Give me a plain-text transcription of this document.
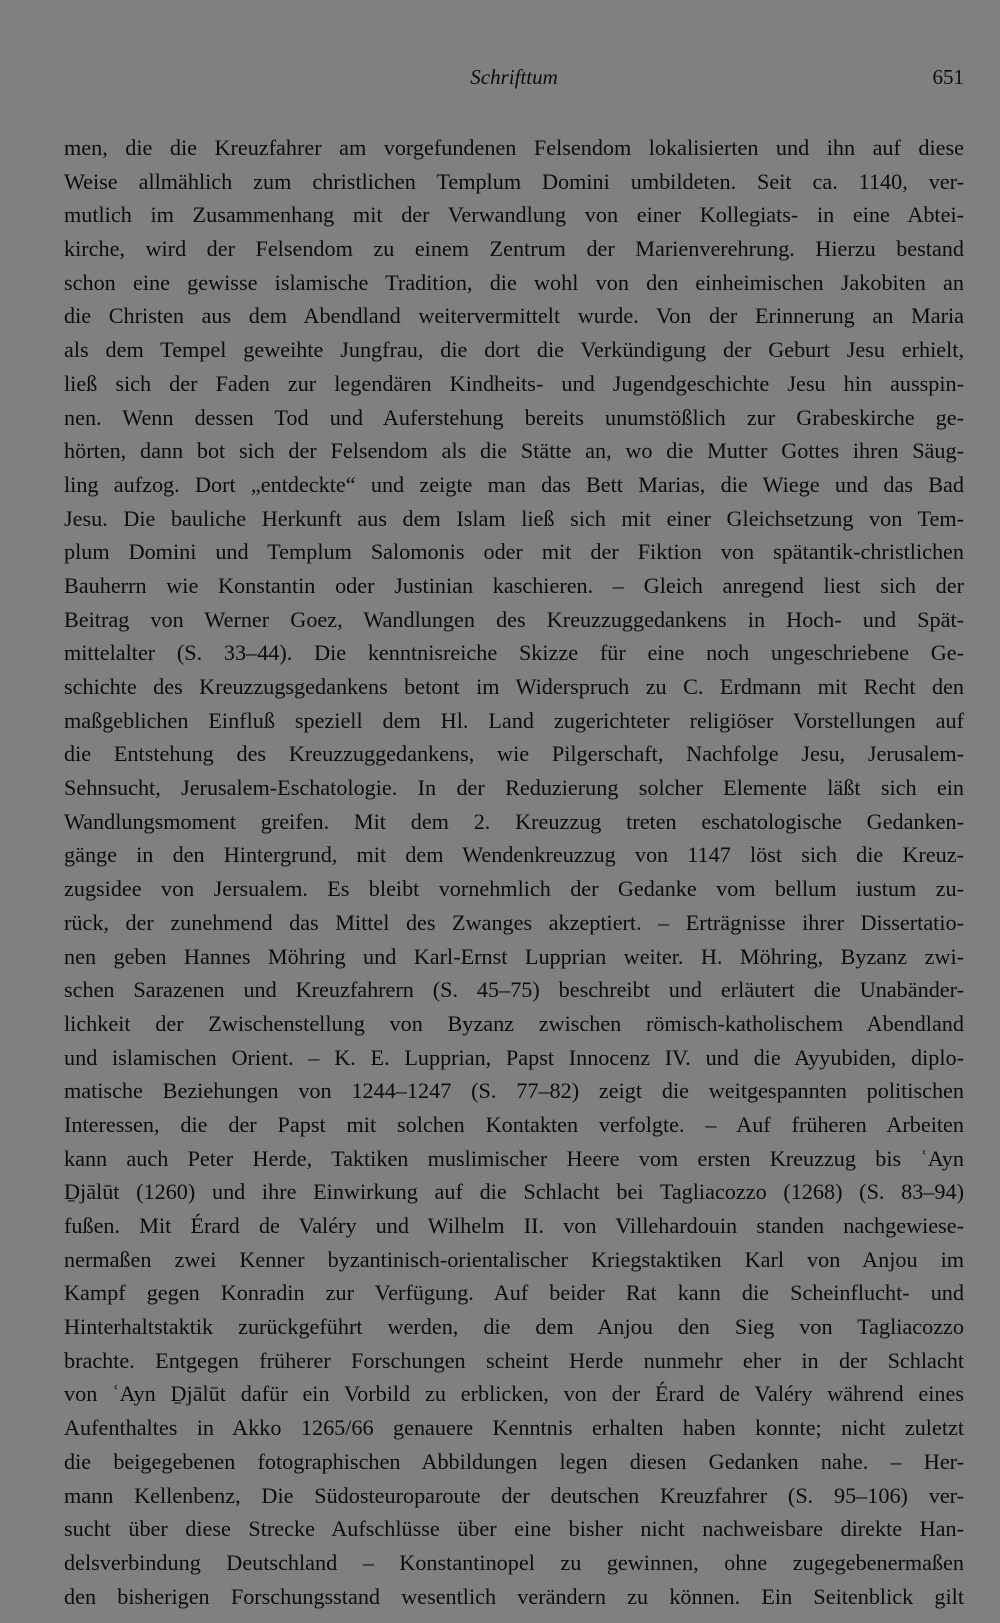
Schrifttum	651
men, die die Kreuzfahrer am vorgefundenen Felsendom lokalisierten und ihn auf diese
Weise allmählich zum christlichen Templum Domini umbildeten. Seit ca. 1140, ver-
mutlich im Zusammenhang mit der Verwandlung von einer Kollegiats- in eine Abtei-
kirche, wird der Felsendom zu einem Zentrum der Marienverehrung. Hierzu bestand
schon eine gewisse islamische Tradition, die wohl von den einheimischen Jakobiten an
die Christen aus dem Abendland weitervermittelt wurde. Von der Erinnerung an Maria
als dem Tempel geweihte Jungfrau, die dort die Verkündigung der Geburt Jesu erhielt,
ließ sich der Faden zur legendären Kindheits- und Jugendgeschichte Jesu hin ausspin-
nen. Wenn dessen Tod und Auferstehung bereits unumstößlich zur Grabeskirche ge-
hörten, dann bot sich der Felsendom als die Stätte an, wo die Mutter Gottes ihren Säug-
ling aufzog. Dort „entdeckte“ und zeigte man das Bett Marias, die Wiege und das Bad
Jesu. Die bauliche Herkunft aus dem Islam ließ sich mit einer Gleichsetzung von Tem-
plum Domini und Templum Salomonis oder mit der Fiktion von spätantik-christlichen
Bauherrn wie Konstantin oder Justinian kaschieren. – Gleich anregend liest sich der
Beitrag von Werner Goez, Wandlungen des Kreuzzuggedankens in Hoch- und Spät-
mittelalter (S. 33–44). Die kenntnisreiche Skizze für eine noch ungeschriebene Ge-
schichte des Kreuzzugsgedankens betont im Widerspruch zu C. Erdmann mit Recht den
maßgeblichen Einfluß speziell dem Hl. Land zugerichteter religiöser Vorstellungen auf
die Entstehung des Kreuzzuggedankens, wie Pilgerschaft, Nachfolge Jesu, Jerusalem-
Sehnsucht, Jerusalem-Eschatologie. In der Reduzierung solcher Elemente läßt sich ein
Wandlungsmoment greifen. Mit dem 2. Kreuzzug treten eschatologische Gedanken-
gänge in den Hintergrund, mit dem Wendenkreuzzug von 1147 löst sich die Kreuz-
zugsidee von Jersualem. Es bleibt vornehmlich der Gedanke vom bellum iustum zu-
rück, der zunehmend das Mittel des Zwanges akzeptiert. – Erträgnisse ihrer Dissertatio-
nen geben Hannes Möhring und Karl-Ernst Lupprian weiter. H. Möhring, Byzanz zwi-
schen Sarazenen und Kreuzfahrern (S. 45–75) beschreibt und erläutert die Unabänder-
lichkeit der Zwischenstellung von Byzanz zwischen römisch-katholischem Abendland
und islamischen Orient. – K. E. Lupprian, Papst Innocenz IV. und die Ayyubiden, diplo-
matische Beziehungen von 1244–1247 (S. 77–82) zeigt die weitgespannten politischen
Interessen, die der Papst mit solchen Kontakten verfolgte. – Auf früheren Arbeiten
kann auch Peter Herde, Taktiken muslimischer Heere vom ersten Kreuzzug bis ʿAyn
Ḏjālūt (1260) und ihre Einwirkung auf die Schlacht bei Tagliacozzo (1268) (S. 83–94)
fußen. Mit Érard de Valéry und Wilhelm II. von Villehardouin standen nachgewiese-
nermaßen zwei Kenner byzantinisch-orientalischer Kriegstaktiken Karl von Anjou im
Kampf gegen Konradin zur Verfügung. Auf beider Rat kann die Scheinflucht- und
Hinterhaltstaktik zurückgeführt werden, die dem Anjou den Sieg von Tagliacozzo
brachte. Entgegen früherer Forschungen scheint Herde nunmehr eher in der Schlacht
von ʿAyn Ḏjālūt dafür ein Vorbild zu erblicken, von der Érard de Valéry während eines
Aufenthaltes in Akko 1265/66 genauere Kenntnis erhalten haben konnte; nicht zuletzt
die beigegebenen fotographischen Abbildungen legen diesen Gedanken nahe. – Her-
mann Kellenbenz, Die Südosteuroparoute der deutschen Kreuzfahrer (S. 95–106) ver-
sucht über diese Strecke Aufschlüsse über eine bisher nicht nachweisbare direkte Han-
delsverbindung Deutschland – Konstantinopel zu gewinnen, ohne zugegebenermaßen
den bisherigen Forschungsstand wesentlich verändern zu können. Ein Seitenblick gilt
